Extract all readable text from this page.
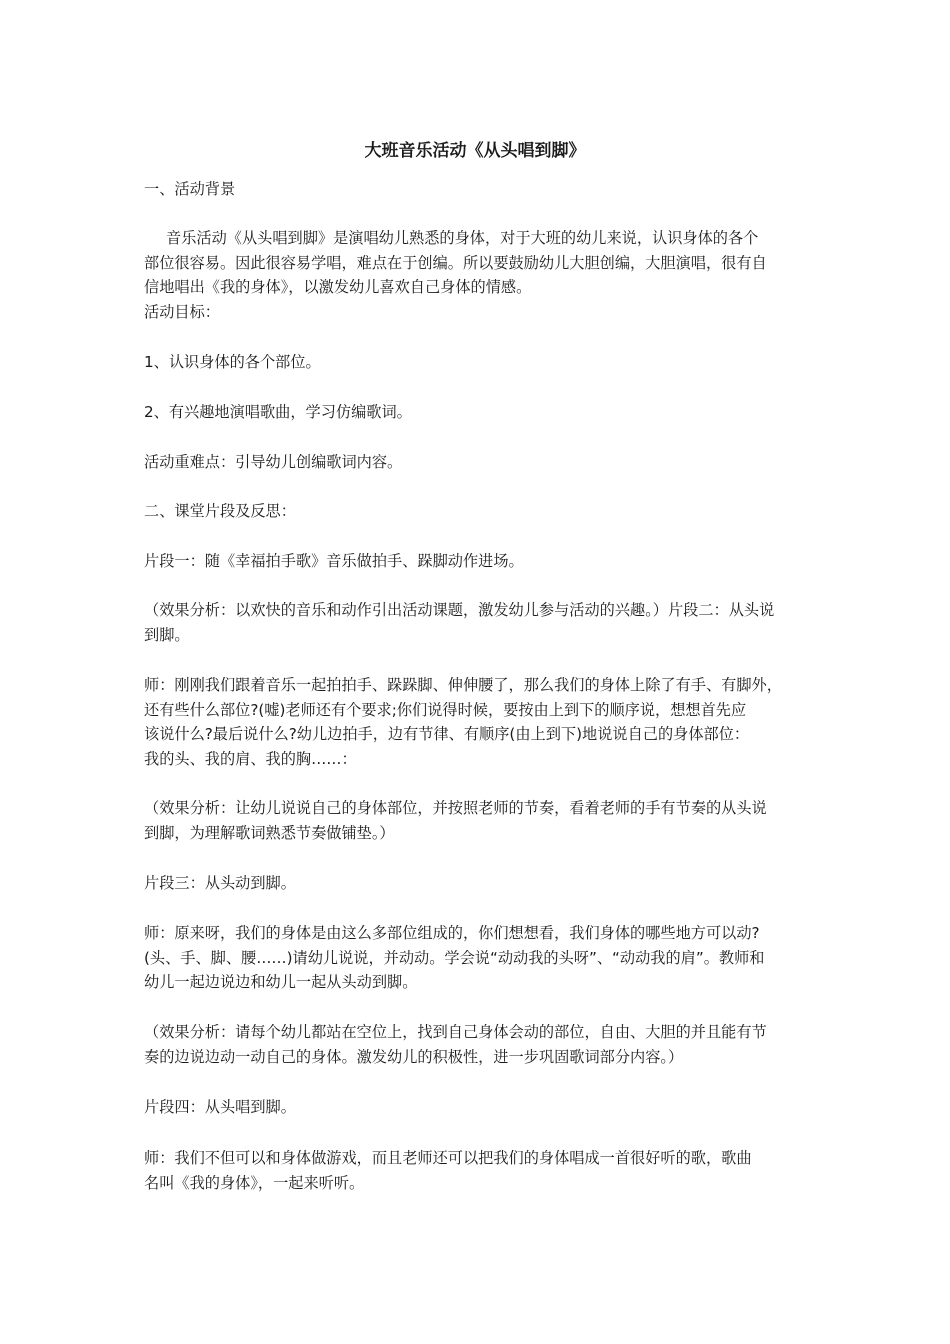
大班音乐活动《从头唱到脚》

一、活动背景

音乐活动《从头唱到脚》是演唱幼儿熟悉的身体，对于大班的幼儿来说，认识身体的各个
部位很容易。因此很容易学唱，难点在于创编。所以要鼓励幼儿大胆创编，大胆演唱，很有自
信地唱出《我的身体》，以激发幼儿喜欢自己身体的情感。
活动目标：

1、认识身体的各个部位。

2、有兴趣地演唱歌曲，学习仿编歌词。

活动重难点：引导幼儿创编歌词内容。

二、课堂片段及反思：

片段一：随《幸福拍手歌》音乐做拍手、跺脚动作进场。

（效果分析：以欢快的音乐和动作引出活动课题，激发幼儿参与活动的兴趣。）片段二：从头说
到脚。

师：刚刚我们跟着音乐一起拍拍手、跺跺脚、伸伸腰了，那么我们的身体上除了有手、有脚外，
还有些什么部位?(嘘)老师还有个要求;你们说得时候，要按由上到下的顺序说，想想首先应
该说什么?最后说什么?幼儿边拍手，边有节律、有顺序(由上到下)地说说自己的身体部位：
我的头、我的肩、我的胸……：

（效果分析：让幼儿说说自己的身体部位，并按照老师的节奏，看着老师的手有节奏的从头说
到脚，为理解歌词熟悉节奏做铺垫。）

片段三：从头动到脚。

师：原来呀，我们的身体是由这么多部位组成的，你们想想看，我们身体的哪些地方可以动?
(头、手、脚、腰……)请幼儿说说，并动动。学会说“动动我的头呀”、“动动我的肩”。教师和
幼儿一起边说边和幼儿一起从头动到脚。

（效果分析：请每个幼儿都站在空位上，找到自己身体会动的部位，自由、大胆的并且能有节
奏的边说边动一动自己的身体。激发幼儿的积极性，进一步巩固歌词部分内容。）

片段四：从头唱到脚。

师：我们不但可以和身体做游戏，而且老师还可以把我们的身体唱成一首很好听的歌，歌曲
名叫《我的身体》，一起来听听。
